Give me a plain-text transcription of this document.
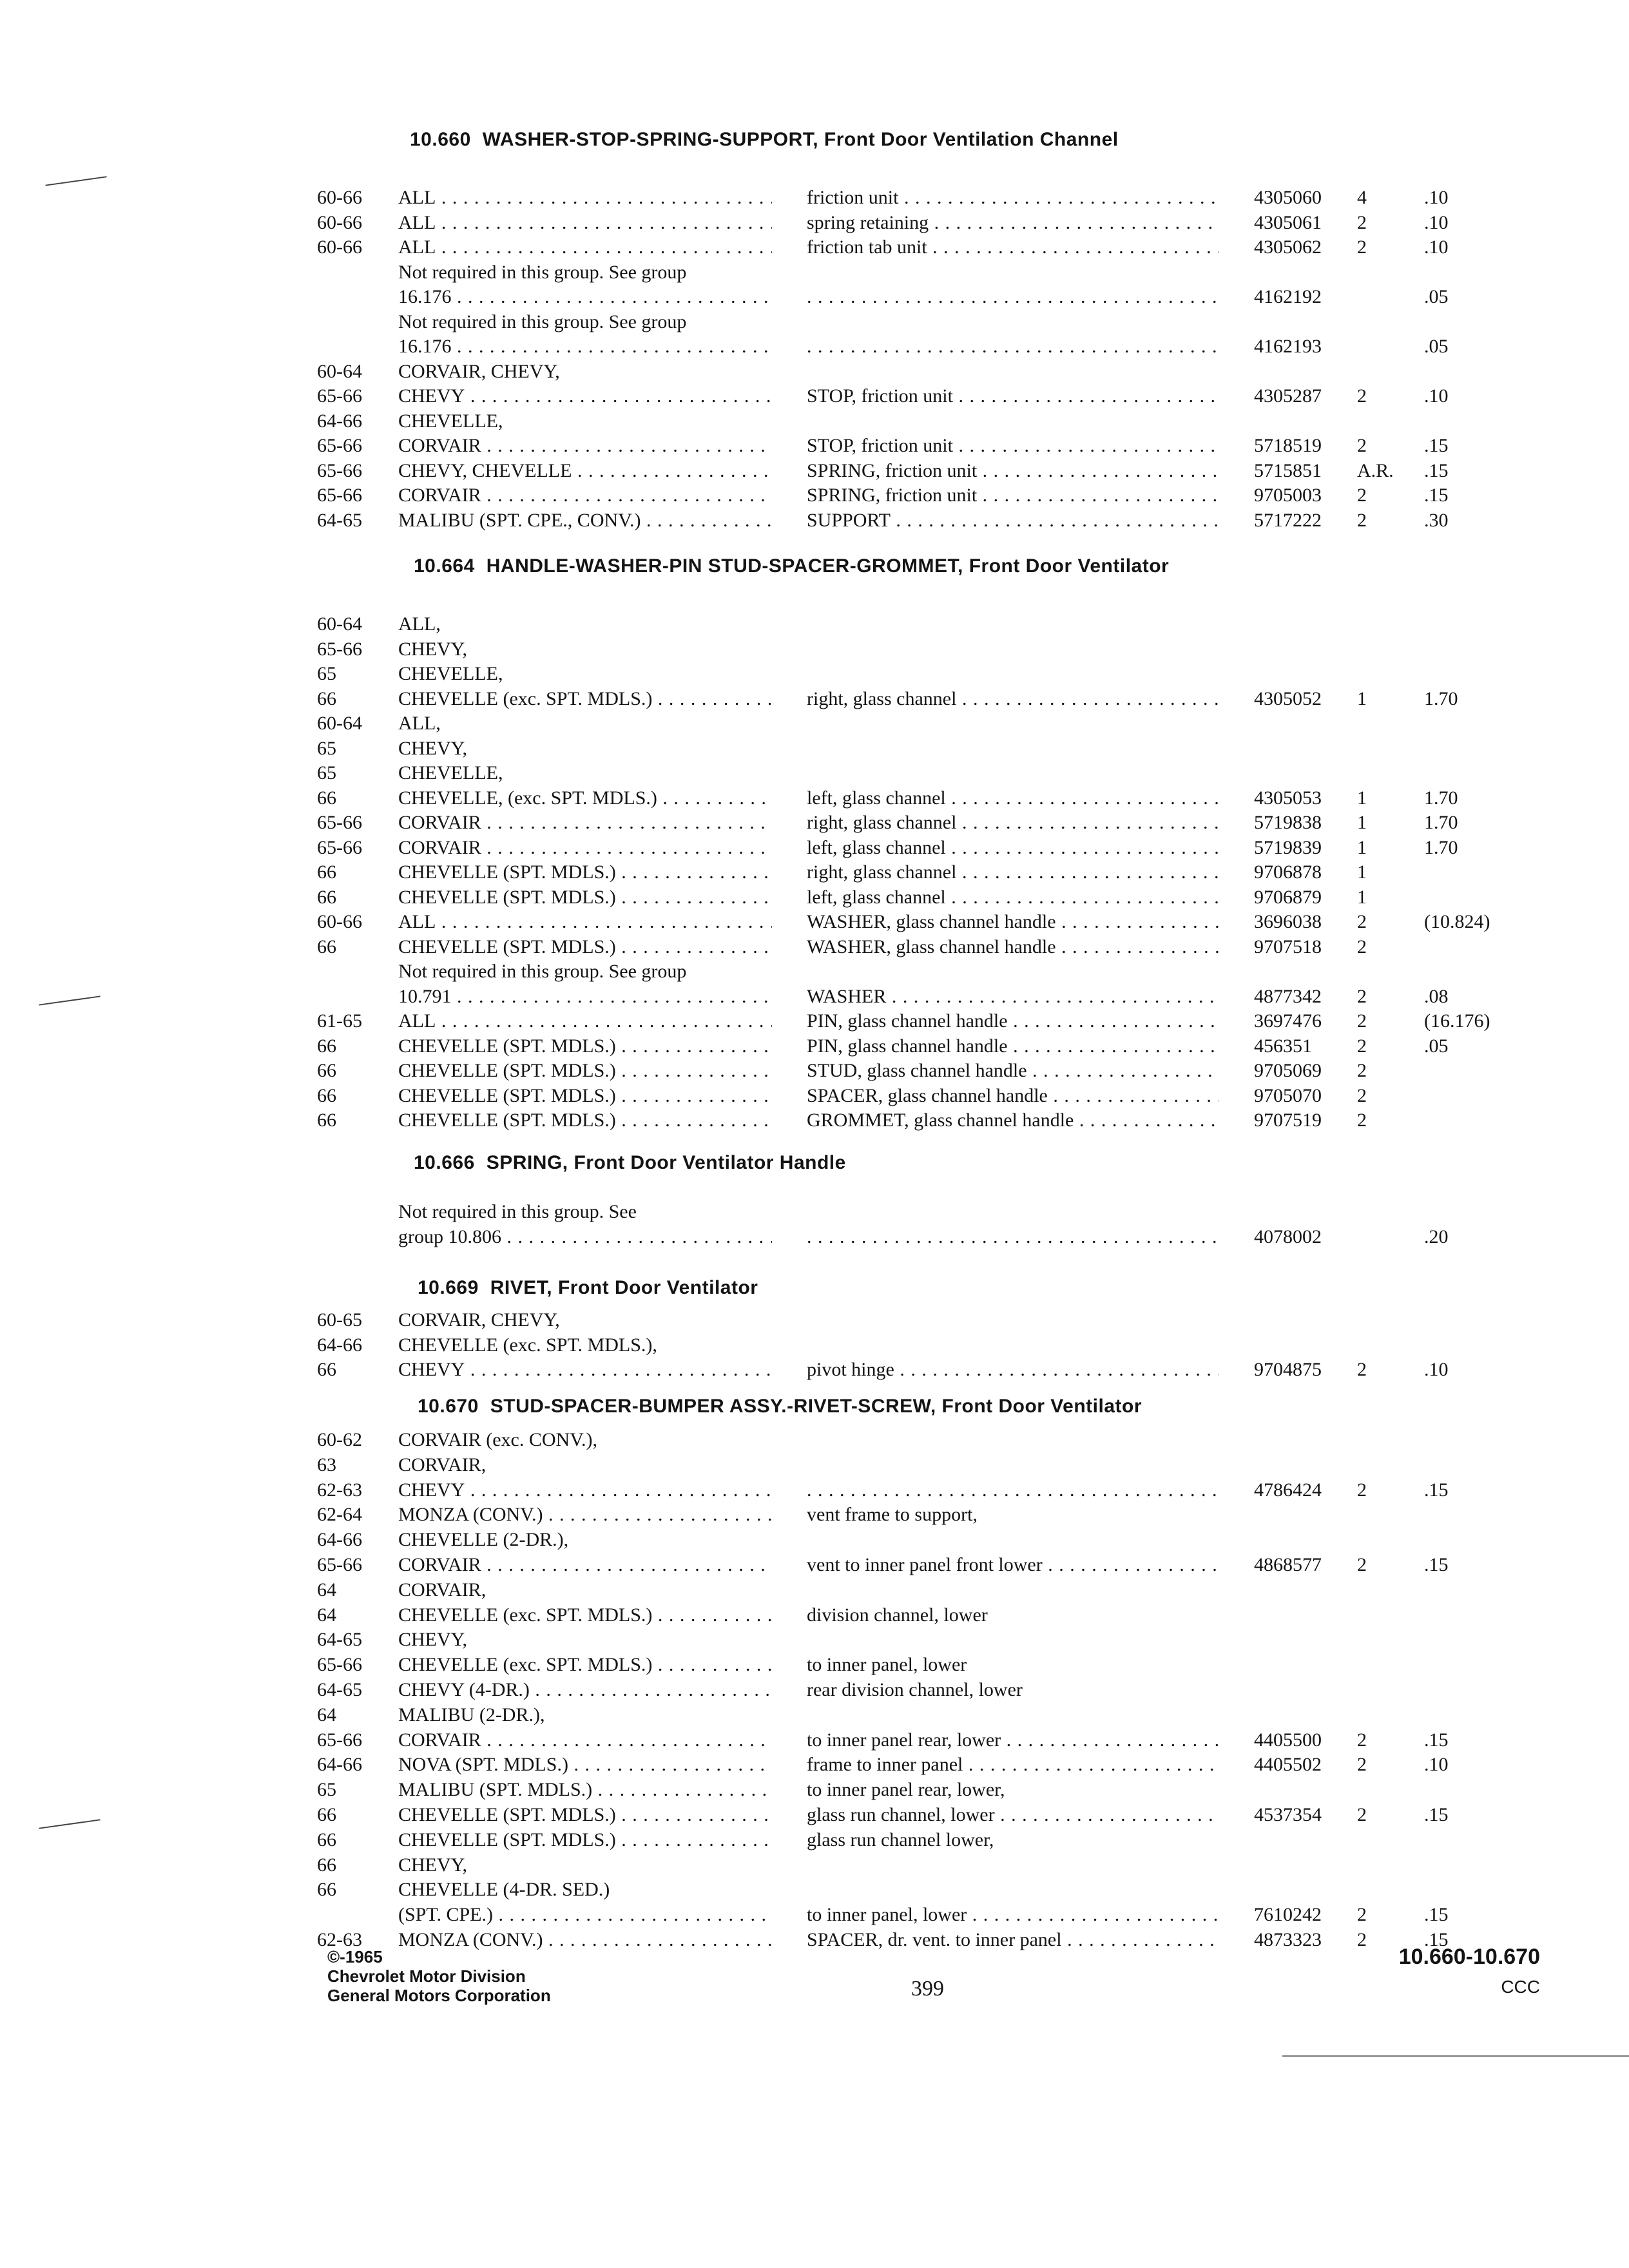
10.660 WASHER-STOP-SPRING-SUPPORT, Front Door Ventilation Channel
60-66 ALL . . .	friction unit . . .	4305060 4	.10
60-66 ALL . . .	spring retaining . . .	4305061 2	.10
60-66 ALL . . .	friction tab unit . . .	4305062 2	.10
Not required in this group. See group
16.176 . . . . . .	4162192	.05
Not required in this group. See group
16.176 . . . . . .	4162193	.05
60-64 CORVAIR, CHEVY,
65-66 CHEVY . . .	STOP, friction unit . . .	4305287 2	.10
64-66 CHEVELLE,
65-66 CORVAIR . . .	STOP, friction unit . . .	5718519 2	.15
65-66 CHEVY, CHEVELLE . . .	SPRING, friction unit . . .	5715851 A.R. .15
65-66 CORVAIR . . .	SPRING, friction unit . . .	9705003 2	.15
64-65 MALIBU (SPT. CPE., CONV.) . . .	SUPPORT . . .	5717222 2	.30
10.664 HANDLE-WASHER-PIN STUD-SPACER-GROMMET, Front Door Ventilator
60-64 ALL,
65-66 CHEVY,
65	CHEVELLE,
66	CHEVELLE (exc. SPT. MDLS.) . . .	right, glass channel . . .	4305052 1	1.70
60-64 ALL,
65	CHEVY,
65	CHEVELLE,
66	CHEVELLE, (exc. SPT. MDLS.) . . .	left, glass channel . . .	4305053 1	1.70
65-66 CORVAIR . . .	right, glass channel . . .	5719838 1	1.70
65-66 CORVAIR . . .	left, glass channel . . .	5719839 1	1.70
66	CHEVELLE (SPT. MDLS.) . . .	right, glass channel . . .	9706878 1
66	CHEVELLE (SPT. MDLS.) . . .	left, glass channel . . .	9706879 1
60-66 ALL . . .	WASHER, glass channel handle . . .	3696038 2	(10.824)
66	CHEVELLE (SPT. MDLS.) . . .	WASHER, glass channel handle . . .	9707518 2
Not required in this group. See group
10.791 . . .	WASHER . . .	4877342 2	.08
61-65 ALL . . .	PIN, glass channel handle . . .	3697476 2	(16.176)
66	CHEVELLE (SPT. MDLS.) . . .	PIN, glass channel handle . . .	456351 2	.05
66	CHEVELLE (SPT. MDLS.) . . .	STUD, glass channel handle . . .	9705069 2
66	CHEVELLE (SPT. MDLS.) . . .	SPACER, glass channel handle . . .	9705070 2
66	CHEVELLE (SPT. MDLS.) . . .	GROMMET, glass channel handle . . .	9707519 2
10.666 SPRING, Front Door Ventilator Handle
Not required in this group. See
group 10.806 . . . . . .	4078002	.20
10.669 RIVET, Front Door Ventilator
60-65 CORVAIR, CHEVY,
64-66 CHEVELLE (exc. SPT. MDLS.),
66	CHEVY . . .	pivot hinge . . .	9704875 2	.10
10.670 STUD-SPACER-BUMPER ASSY.-RIVET-SCREW, Front Door Ventilator
60-62 CORVAIR (exc. CONV.),
63	CORVAIR,
62-63 CHEVY . . . . . .	4786424 2	.15
62-64 MONZA (CONV.) . . .	vent frame to support,
64-66 CHEVELLE (2-DR.),
65-66 CORVAIR . . .	vent to inner panel front lower . . .	4868577 2	.15
64	CORVAIR,
64	CHEVELLE (exc. SPT. MDLS.) . . .	division channel, lower
64-65 CHEVY,
65-66 CHEVELLE (exc. SPT. MDLS.) . . .	to inner panel, lower
64-65 CHEVY (4-DR.) . . .	rear division channel, lower
64	MALIBU (2-DR.),
65-66 CORVAIR . . .	to inner panel rear, lower . . .	4405500 2	.15
64-66 NOVA (SPT. MDLS.) . . .	frame to inner panel . . .	4405502 2	.10
65	MALIBU (SPT. MDLS.) . . .	to inner panel rear, lower,
66	CHEVELLE (SPT. MDLS.) . . .	glass run channel, lower . . .	4537354 2	.15
66	CHEVELLE (SPT. MDLS.) . . .	glass run channel lower,
66	CHEVY,
66	CHEVELLE (4-DR. SED.)
(SPT. CPE.) . . .	to inner panel, lower . . .	7610242 2	.15
62-63 MONZA (CONV.) . . .	SPACER, dr. vent. to inner panel . . .	4873323 2	.15
©-1965
Chevrolet Motor Division
General Motors Corporation	399
10.660-10.670
CCC
